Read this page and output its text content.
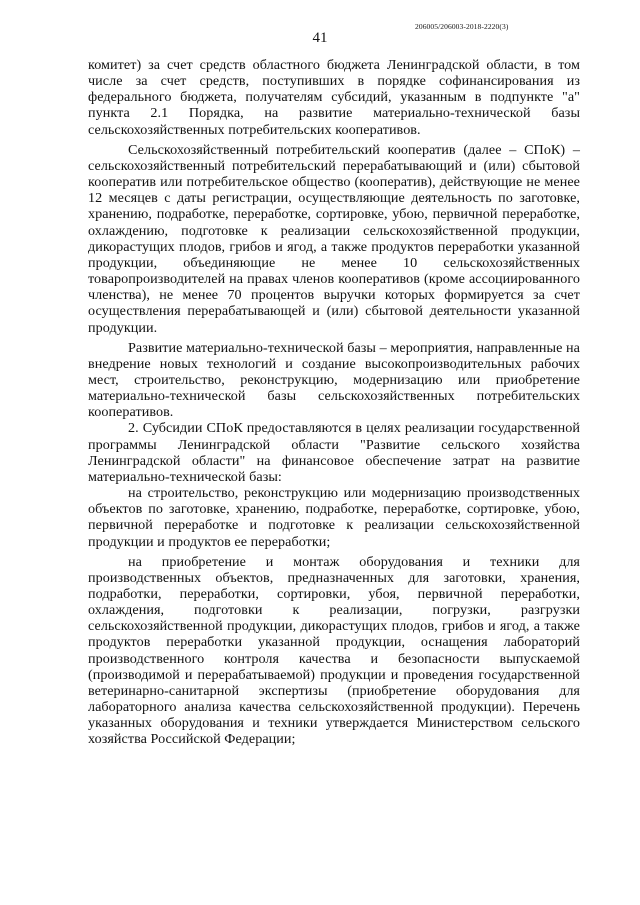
41
206005/206003-2018-2220(3)

комитет) за счет средств областного бюджета Ленинградской области, в том числе за счет средств, поступивших в порядке софинансирования из федерального бюджета, получателям субсидий, указанным в подпункте "а" пункта 2.1 Порядка, на развитие материально-технической базы сельскохозяйственных потребительских кооперативов.

Сельскохозяйственный потребительский кооператив (далее – СПоК) – сельскохозяйственный потребительский перерабатывающий и (или) сбытовой кооператив или потребительское общество (кооператив), действующие не менее 12 месяцев с даты регистрации, осуществляющие деятельность по заготовке, хранению, подработке, переработке, сортировке, убою, первичной переработке, охлаждению, подготовке к реализации сельскохозяйственной продукции, дикорастущих плодов, грибов и ягод, а также продуктов переработки указанной продукции, объединяющие не менее 10 сельскохозяйственных товаропроизводителей на правах членов кооперативов (кроме ассоциированного членства), не менее 70 процентов выручки которых формируется за счет осуществления перерабатывающей и (или) сбытовой деятельности указанной продукции.

Развитие материально-технической базы – мероприятия, направленные на внедрение новых технологий и создание высокопроизводительных рабочих мест, строительство, реконструкцию, модернизацию или приобретение материально-технической базы сельскохозяйственных потребительских кооперативов.

2. Субсидии СПоК предоставляются в целях реализации государственной программы Ленинградской области "Развитие сельского хозяйства Ленинградской области" на финансовое обеспечение затрат на развитие материально-технической базы:

на строительство, реконструкцию или модернизацию производственных объектов по заготовке, хранению, подработке, переработке, сортировке, убою, первичной переработке и подготовке к реализации сельскохозяйственной продукции и продуктов ее переработки;

на приобретение и монтаж оборудования и техники для производственных объектов, предназначенных для заготовки, хранения, подработки, переработки, сортировки, убоя, первичной переработки, охлаждения, подготовки к реализации, погрузки, разгрузки сельскохозяйственной продукции, дикорастущих плодов, грибов и ягод, а также продуктов переработки указанной продукции, оснащения лабораторий производственного контроля качества и безопасности выпускаемой (производимой и перерабатываемой) продукции и проведения государственной ветеринарно-санитарной экспертизы (приобретение оборудования для лабораторного анализа качества сельскохозяйственной продукции). Перечень указанных оборудования и техники утверждается Министерством сельского хозяйства Российской Федерации;
